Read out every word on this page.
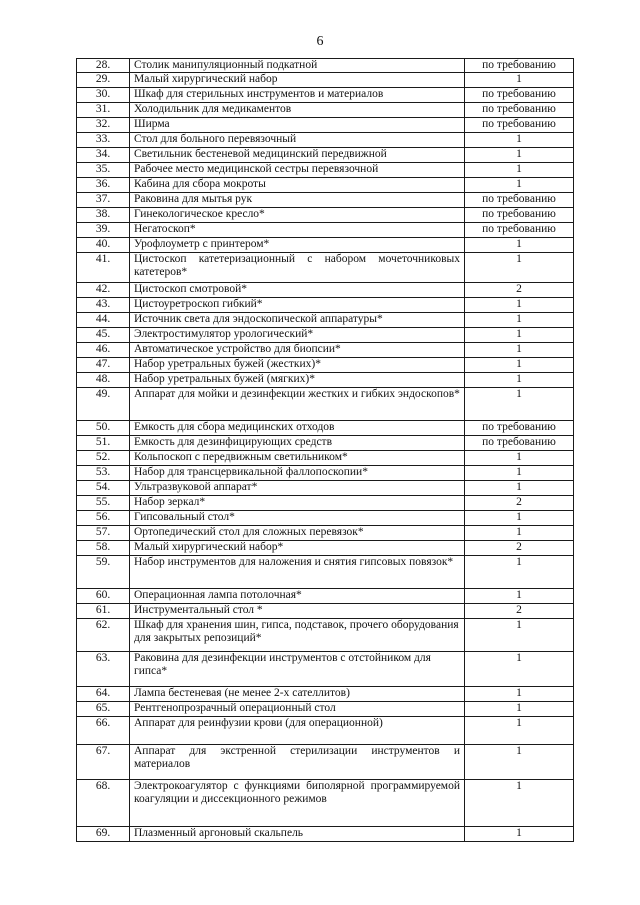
6
28.	Столик манипуляционный подкатной	по требованию
29.	Малый хирургический набор	1
30.	Шкаф для стерильных инструментов и материалов	по требованию
31.	Холодильник для медикаментов	по требованию
32.	Ширма	по требованию
33.	Стол для больного перевязочный	1
34.	Светильник бестеневой медицинский передвижной	1
35.	Рабочее место медицинской сестры перевязочной	1
36.	Кабина для сбора мокроты	1
37.	Раковина для мытья рук	по требованию
38.	Гинекологическое кресло*	по требованию
39.	Негатоскоп*	по требованию
40.	Урофлоуметр с принтером*	1
41.	Цистоскоп катетеризационный с набором мочеточниковых катетеров*	1
42.	Цистоскоп смотровой*	2
43.	Цистоуретроскоп гибкий*	1
44.	Источник света для эндоскопической аппаратуры*	1
45.	Электростимулятор урологический*	1
46.	Автоматическое устройство для биопсии*	1
47.	Набор уретральных бужей (жестких)*	1
48.	Набор уретральных бужей (мягких)*	1
49.	Аппарат для мойки и дезинфекции жестких и гибких эндоскопов*	1
50.	Емкость для сбора медицинских отходов	по требованию
51.	Емкость для дезинфицирующих средств	по требованию
52.	Кольпоскоп с передвижным светильником*	1
53.	Набор для трансцервикальной фаллопоскопии*	1
54.	Ультразвуковой аппарат*	1
55.	Набор зеркал*	2
56.	Гипсовальный стол*	1
57.	Ортопедический стол для сложных перевязок*	1
58.	Малый хирургический набор*	2
59.	Набор инструментов для наложения и снятия гипсовых повязок*	1
60.	Операционная лампа потолочная*	1
61.	Инструментальный стол *	2
62.	Шкаф для хранения шин, гипса, подставок, прочего оборудования для закрытых репозиций*	1
63.	Раковина для дезинфекции инструментов с отстойником для гипса*	1
64.	Лампа бестеневая (не менее 2-х сателлитов)	1
65.	Рентгенопрозрачный операционный стол	1
66.	Аппарат для реинфузии крови (для операционной)	1
67.	Аппарат для экстренной стерилизации инструментов и материалов	1
68.	Электрокоагулятор с функциями биполярной программируемой коагуляции и диссекционного режимов	1
69.	Плазменный аргоновый скальпель	1
